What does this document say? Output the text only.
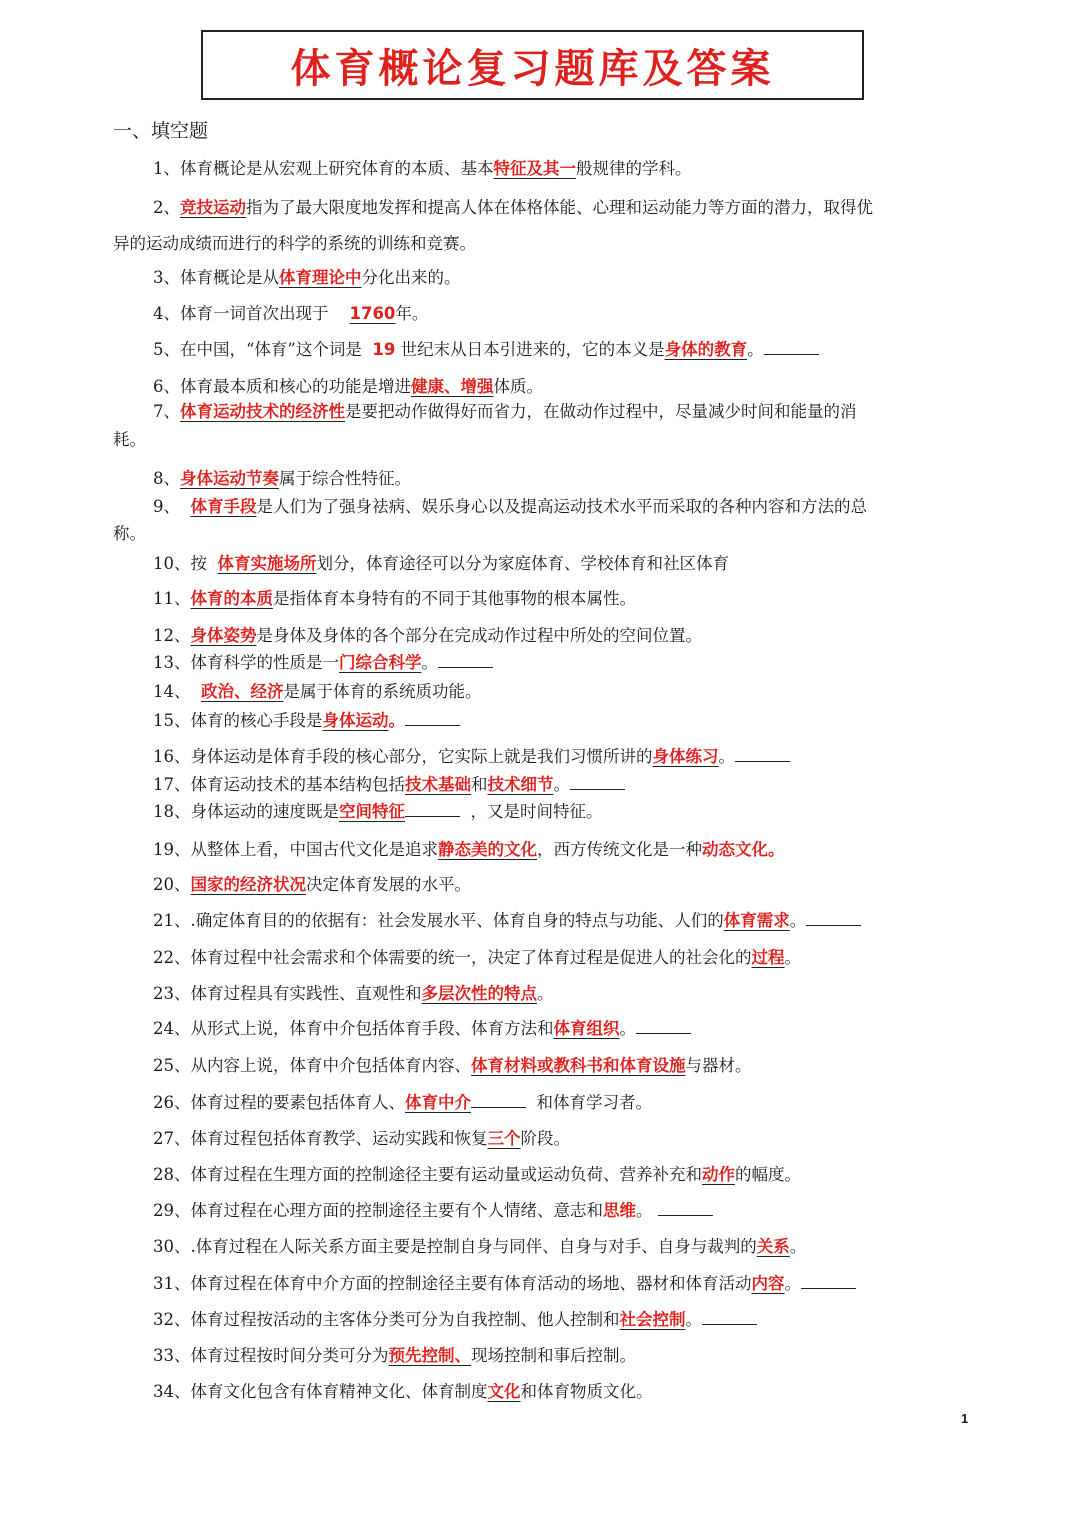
体育概论复习题库及答案
一、填空题
1、体育概论是从宏观上研究体育的本质、基本特征及其一般规律的学科。
2、竞技运动指为了最大限度地发挥和提高人体在体格体能、心理和运动能力等方面的潜力，取得优异的运动成绩而进行的科学的系统的训练和竞赛。
3、体育概论是从体育理论中分化出来的。
4、体育一词首次出现于    1760年。
5、在中国，“体育”这个词是  19 世纪末从日本引进来的，它的本义是身体的教育。
6、体育最本质和核心的功能是增进健康、增强体质。
7、体育运动技术的经济性是要把动作做得好而省力，在做动作过程中，尽量减少时间和能量的消耗。
8、身体运动节奏属于综合性特征。
9、  体育手段是人们为了强身祛病、娱乐身心以及提高运动技术水平而采取的各种内容和方法的总称。
10、按  体育实施场所划分，体育途径可以分为家庭体育、学校体育和社区体育
11、体育的本质是指体育本身特有的不同于其他事物的根本属性。
12、身体姿势是身体及身体的各个部分在完成动作过程中所处的空间位置。
13、体育科学的性质是一门综合科学。
14、  政治、经济是属于体育的系统质功能。
15、体育的核心手段是身体运动。
16、身体运动是体育手段的核心部分，它实际上就是我们习惯所讲的身体练习。
17、体育运动技术的基本结构包括技术基础和技术细节。
18、身体运动的速度既是空间特征	，又是时间特征。
19、从整体上看，中国古代文化是追求静态美的文化，西方传统文化是一种动态文化。
20、国家的经济状况决定体育发展的水平。
21、.确定体育目的的依据有：社会发展水平、体育自身的特点与功能、人们的体育需求。
22、体育过程中社会需求和个体需要的统一，决定了体育过程是促进人的社会化的过程。
23、体育过程具有实践性、直观性和多层次性的特点。
24、从形式上说，体育中介包括体育手段、体育方法和体育组织。
25、从内容上说，体育中介包括体育内容、体育材料或教科书和体育设施与器材。
26、体育过程的要素包括体育人、体育中介	和体育学习者。
27、体育过程包括体育教学、运动实践和恢复三个阶段。
28、体育过程在生理方面的控制途径主要有运动量或运动负荷、营养补充和动作的幅度。
29、体育过程在心理方面的控制途径主要有个人情绪、意志和思维。
30、.体育过程在人际关系方面主要是控制自身与同伴、自身与对手、自身与裁判的关系。
31、体育过程在体育中介方面的控制途径主要有体育活动的场地、器材和体育活动内容。
32、体育过程按活动的主客体分类可分为自我控制、他人控制和社会控制。
33、体育过程按时间分类可分为预先控制、现场控制和事后控制。
34、体育文化包含有体育精神文化、体育制度文化和体育物质文化。
1
